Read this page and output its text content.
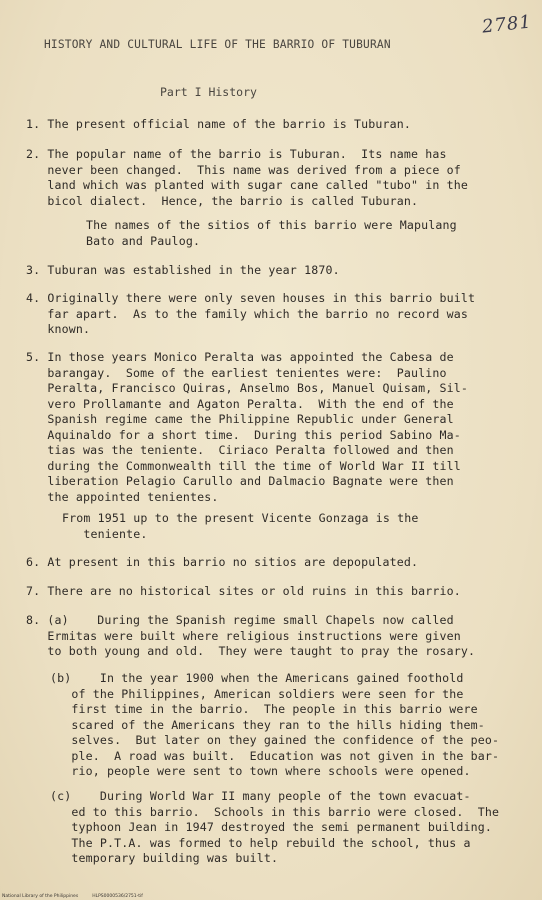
2781
HISTORY AND CULTURAL LIFE OF THE BARRIO OF TUBURAN
Part I History
1. The present official name of the barrio is Tuburan.
2. The popular name of the barrio is Tuburan.  Its name has
never been changed.  This name was derived from a piece of
land which was planted with sugar cane called "tubo" in the
bicol dialect.  Hence, the barrio is called Tuburan.
The names of the sitios of this barrio were Mapulang
Bato and Paulog.
3. Tuburan was established in the year 1870.
4. Originally there were only seven houses in this barrio built
far apart.  As to the family which the barrio no record was
known.
5. In those years Monico Peralta was appointed the Cabesa de
barangay.  Some of the earliest tenientes were:  Paulino
Peralta, Francisco Quiras, Anselmo Bos, Manuel Quisam, Sil-
vero Prollamante and Agaton Peralta.  With the end of the
Spanish regime came the Philippine Republic under General
Aquinaldo for a short time.  During this period Sabino Ma-
tias was the teniente.  Ciriaco Peralta followed and then
during the Commonwealth till the time of World War II till
liberation Pelagio Carullo and Dalmacio Bagnate were then
the appointed tenientes.
From 1951 up to the present Vicente Gonzaga is the
teniente.
6. At present in this barrio no sitios are depopulated.
7. There are no historical sites or old ruins in this barrio.
8. (a)    During the Spanish regime small Chapels now called
Ermitas were built where religious instructions were given
to both young and old.  They were taught to pray the rosary.
(b)    In the year 1900 when the Americans gained foothold
of the Philippines, American soldiers were seen for the
first time in the barrio.  The people in this barrio were
scared of the Americans they ran to the hills hiding them-
selves.  But later on they gained the confidence of the peo-
ple.  A road was built.  Education was not given in the bar-
rio, people were sent to town where schools were opened.
(c)    During World War II many people of the town evacuat-
ed to this barrio.  Schools in this barrio were closed.  The
typhoon Jean in 1947 destroyed the semi permanent building.
The P.T.A. was formed to help rebuild the school, thus a
temporary building was built.
National Library of the Philippines	HLPS0000536/2751-tif
